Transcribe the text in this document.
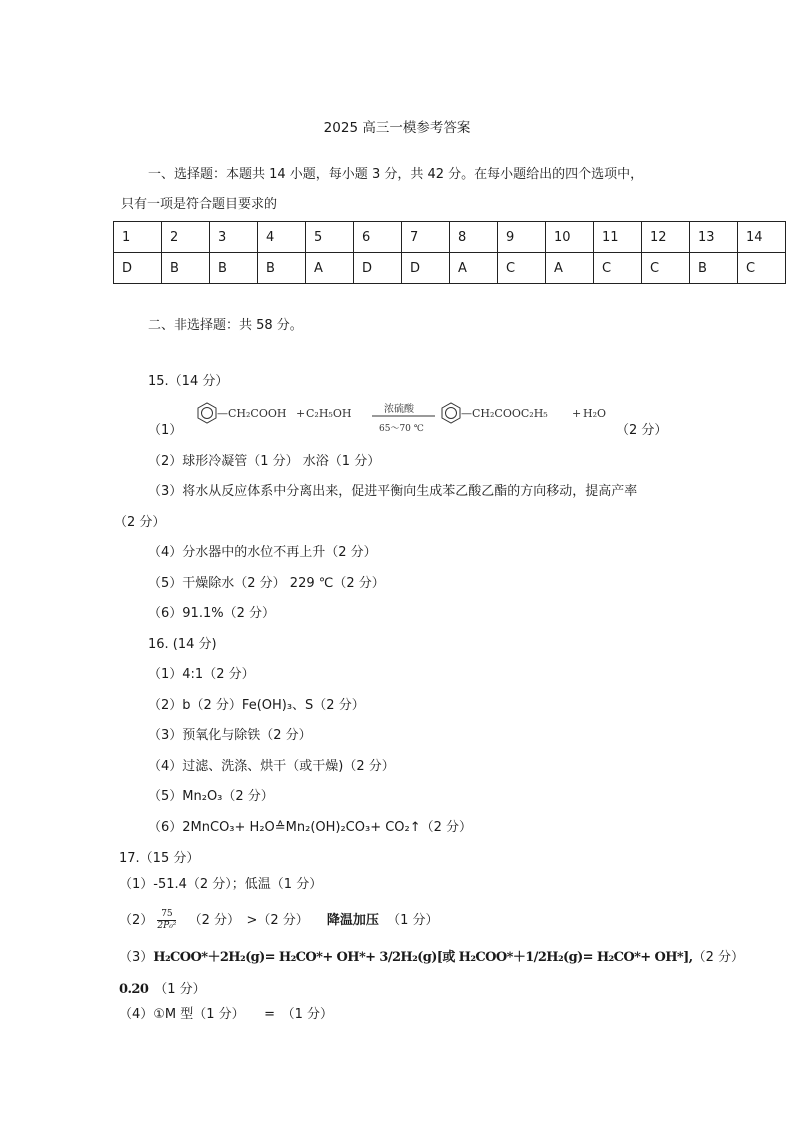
2025 高三一模参考答案
一、选择题：本题共 14 小题，每小题 3 分，共 42 分。在每小题给出的四个选项中，
只有一项是符合题目要求的
1	2	3	4	5	6	7	8	9	10	11	12	13	14
D	B	B	B	A	D	D	A	C	A	C	C	B	C
二、非选择题：共 58 分。
15.（14 分）
（1）
—CH₂COOH + C₂H₅OH	浓硫酸
65～70 ℃
—CH₂COOC₂H₅ + H₂O
（2 分）
（2）球形冷凝管（1 分） 水浴（1 分）
（3）将水从反应体系中分离出来，促进平衡向生成苯乙酸乙酯的方向移动，提高产率
（2 分）
（4）分水器中的水位不再上升（2 分）
（5）干燥除水（2 分） 229 ℃（2 分）
（6）91.1%（2 分）
16. (14 分)
（1）4:1（2 分）
（2）b（2 分）Fe(OH)₃、S（2 分）
（3）预氧化与除铁（2 分）
（4）过滤、洗涤、烘干（或干燥)（2 分）
（5）Mn₂O₃（2 分）
（6）2MnCO₃+ H₂O≙Mn₂(OH)₂CO₃+ CO₂↑（2 分）
17.（15 分）
（1）-51.4（2 分）；低温（1 分）
$(2) \frac{75}{\text{2P₀²}} (2$ 分）　>（2 分） 降温加压 （1 分）
（3）H₂COO*＋2H₂(g)= H₂CO*+ OH*+ 3/2H₂(g)[或 H₂COO*＋1/2H₂(g)= H₂CO*+ OH*],（2 分）
0.20 （1 分）
（4）①M 型（1 分）　　=　（1 分）
